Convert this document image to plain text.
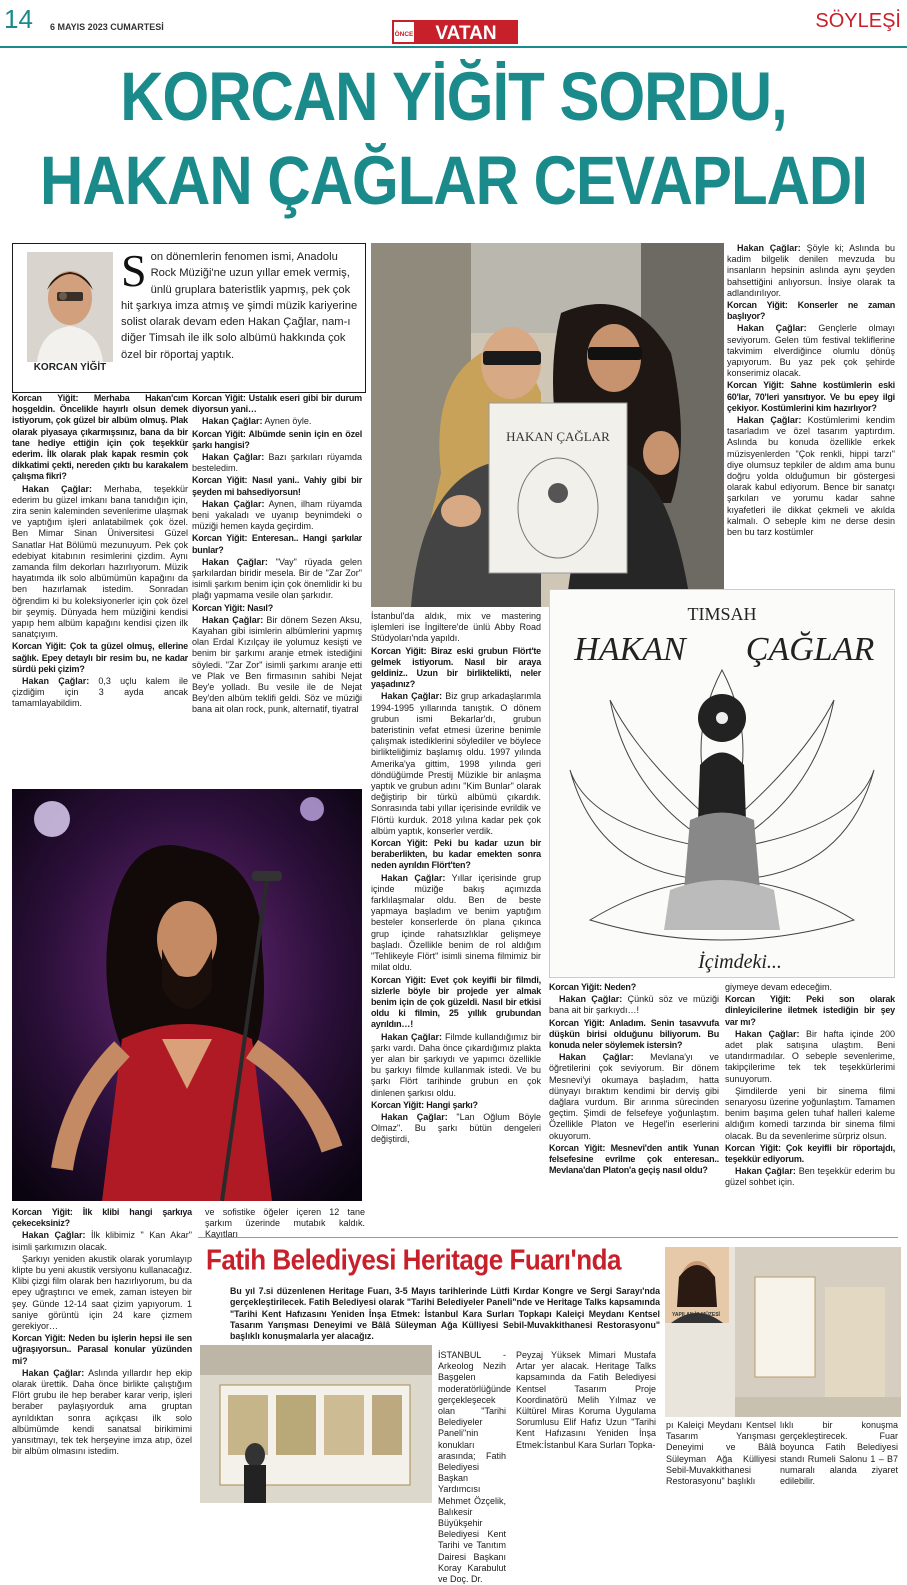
14 6 MAYIS 2023 CUMARTESİ
ÖNCE VATAN
SÖYLEŞİ
KORCAN YİĞİT SORDU,
HAKAN ÇAĞLAR CEVAPLADI
KORCAN YİĞİT
Son dönemlerin fenomen ismi, Anadolu Rock Müziği'ne uzun yıllar emek vermiş, ünlü gruplara bateristlik yapmış, pek çok hit şarkıya imza atmış ve şimdi müzik kariyerine solist olarak devam eden Hakan Çağlar, nam-ı diğer Timsah ile ilk solo albümü hakkında çok özel bir röportaj yaptık.
HAKAN ÇAĞLAR
TIMSAH
HAKAN ÇAĞLAR
İçimdeki...

Korcan Yiğit: Merhaba Hakan'cım hoşgeldin. Öncelikle hayırlı olsun demek istiyorum, çok güzel bir albüm olmuş. Plak olarak piyasaya çıkarmışsınız, bana da bir tane hediye ettiğin için çok teşekkür ederim. İlk olarak plak kapak resmin çok dikkatimi çekti, nereden çıktı bu karakalem çalışma fikri?

Hakan Çağlar: Merhaba, teşekkür ederim bu güzel imkanı bana tanıdığın için, zira senin kaleminden sevenlerime ulaşmak ve yaptığım işleri anlatabilmek çok özel. Ben Mimar Sinan Üniversitesi Güzel Sanatlar Hat Bölümü mezunuyum. Pek çok edebiyat kitabının resimlerini çizdim. Aynı zamanda film dekorları hazırlıyorum. Müzik hayatımda ilk solo albümümün kapağını da ben hazırlamak istedim. Sonradan öğrendim ki bu koleksiyonerler için çok özel bir şeymiş. Dünyada hem müziğini kendisi yapıp hem albüm kapağını kendisi çizen ilk sanatçıyım.

Korcan Yiğit: Çok ta güzel olmuş, ellerine sağlık. Epey detaylı bir resim bu, ne kadar sürdü peki çizim?

Hakan Çağlar: 0,3 uçlu kalem ile çizdiğim için 3 ayda ancak tamamlayabildim.

Korcan Yiğit: Ustalık eseri gibi bir durum diyorsun yani…

Hakan Çağlar: Aynen öyle.

Korcan Yiğit: Albümde senin için en özel şarkı hangisi?

Hakan Çağlar: Bazı şarkıları rüyamda besteledim.

Korcan Yiğit: Nasıl yani.. Vahiy gibi bir şeyden mi bahsediyorsun!

Hakan Çağlar: Aynen, ilham rüyamda beni yakaladı ve uyanıp beynimdeki o müziği hemen kayda geçirdim.

Korcan Yiğit: Enteresan.. Hangi şarkılar bunlar?

Hakan Çağlar: "Vay" rüyada gelen şarkılardan biridir mesela. Bir de "Zar Zor" isimli şarkım benim için çok önemlidir ki bu plağı yapmama vesile olan şarkıdır.

Korcan Yiğit: Nasıl?

Hakan Çağlar: Bir dönem Sezen Aksu, Kayahan gibi isimlerin albümlerini yapmış olan Erdal Kızılçay ile yolumuz kesişti ve benim bir şarkımı aranje etmek istediğini söyledi. "Zar Zor" isimli şarkımı aranje etti ve Plak ve Ben firmasının sahibi Nejat Bey'e yolladı. Bu vesile ile de Nejat Bey'den albüm teklifi geldi. Söz ve müziği bana ait olan rock, punk, alternatif, tiyatral

İstanbul'da aldık, mix ve mastering işlemleri ise İngiltere'de ünlü Abby Road Stüdyoları'nda yapıldı.

Korcan Yiğit: Biraz eski grubun Flört'te gelmek istiyorum. Nasıl bir araya geldiniz.. Uzun bir birliktelikti, neler yaşadınız?

Hakan Çağlar: Biz grup arkadaşlarımla 1994-1995 yıllarında tanıştık. O dönem grubun ismi Bekarlar'dı, grubun bateristinin vefat etmesi üzerine benimle çalışmak istediklerini söylediler ve böylece birlikteliğimiz başlamış oldu. 1997 yılında Amerika'ya gittim, 1998 yılında geri döndüğümde Prestij Müzikle bir anlaşma yaptık ve grubun adını "Kim Bunlar" olarak değiştirip bir türkü albümü çıkardık. Sonrasında tabi yıllar içerisinde evrildik ve Flörtü kurduk. 2018 yılına kadar pek çok albüm yaptık, konserler verdik.

Korcan Yiğit: Peki bu kadar uzun bir beraberlikten, bu kadar emekten sonra neden ayrıldın Flört'ten?

Hakan Çağlar: Yıllar içerisinde grup içinde müziğe bakış açımızda farklılaşmalar oldu. Ben de beste yapmaya başladım ve benim yaptığım besteler konserlerde ön plana çıkınca grup içinde rahatsızlıklar gelişmeye başladı. Özellikle benim de rol aldığım "Tehlikeyle Flört" isimli sinema filmimiz bir milat oldu.

Korcan Yiğit: Evet çok keyifli bir filmdi, sizlerle böyle bir projede yer almak benim için de çok güzeldi. Nasıl bir etkisi oldu ki filmin, 25 yıllık grubundan ayrıldın…!

Hakan Çağlar: Filmde kullandığımız bir şarkı vardı. Daha önce çıkardığımız plakta yer alan bir şarkıydı ve yapımcı özellikle bu şarkıyı filmde kullanmak istedi. Ve bu şarkı Flört tarihinde grubun en çok dinlenen şarkısı oldu.

Korcan Yiğit: Hangi şarkı?

Hakan Çağlar: "Lan Oğlum Böyle Olmaz". Bu şarkı bütün dengeleri değiştirdi,

Hakan Çağlar: Şöyle ki; Aslında bu kadim bilgelik denilen mevzuda bu insanların hepsinin aslında aynı şeyden bahsettiğini anlıyorsun. İnsiye olarak ta adlandırılıyor.

Korcan Yiğit: Konserler ne zaman başlıyor?

Hakan Çağlar: Gençlerle olmayı seviyorum. Gelen tüm festival tekliflerine takvimim elverdiğince olumlu dönüş yapıyorum. Bu yaz pek çok şehirde konserimiz olacak.

Korcan Yiğit: Sahne kostümlerin eski 60'lar, 70'leri yansıtıyor. Ve bu epey ilgi çekiyor. Kostümlerini kim hazırlıyor?

Hakan Çağlar: Kostümlerimi kendim tasarladım ve özel tasarım yaptırdım. Aslında bu konuda özellikle erkek müzisyenlerden "Çok renkli, hippi tarzı" diye olumsuz tepkiler de aldım ama bunu doğru yolda olduğumun bir göstergesi olarak kabul ediyorum. Bence bir sanatçı şarkıları ve yorumu kadar sahne kıyafetleri ile dikkat çekmeli ve akılda kalmalı. O sebeple kim ne derse desin ben bu tarz kostümler

Korcan Yiğit: Neden?

Hakan Çağlar: Çünkü söz ve müziği bana ait bir şarkıydı…!

Korcan Yiğit: Anladım. Senin tasavvufa düşkün birisi olduğunu biliyorum. Bu konuda neler söylemek istersin?

Hakan Çağlar: Mevlana'yı ve öğretilerini çok seviyorum. Bir dönem Mesnevi'yi okumaya başladım, hatta dünyayı bıraktım kendimi bir derviş gibi dağlara vurdum. Bir arınma sürecinden geçtim. Şimdi de felsefeye yoğunlaştım. Özellikle Platon ve Hegel'in eserlerini okuyorum.

Korcan Yiğit: Mesnevi'den antik Yunan felsefesine evrilme çok enteresan.. Mevlana'dan Platon'a geçiş nasıl oldu?

giymeye devam edeceğim.

Korcan Yiğit: Peki son olarak dinleyicilerine iletmek istediğin bir şey var mı?

Hakan Çağlar: Bir hafta içinde 200 adet plak satışına ulaştım. Beni utandırmadılar. O sebeple sevenlerime, takipçilerime tek tek teşekkürlerimi sunuyorum.

Şimdilerde yeni bir sinema filmi senaryosu üzerine yoğunlaştım. Tamamen benim başıma gelen tuhaf halleri kaleme aldığım komedi tarzında bir sinema filmi olacak. Bu da sevenlerime sürpriz olsun.

Korcan Yiğit: Çok keyifli bir röportajdı, teşekkür ediyorum.

Hakan Çağlar: Ben teşekkür ederim bu güzel sohbet için.

Korcan Yiğit: İlk klibi hangi şarkıya çekeceksiniz?

Hakan Çağlar: İlk klibimiz " Kan Akar" isimli şarkımızın olacak.

Şarkıyı yeniden akustik olarak yorumlayıp klipte bu yeni akustik versiyonu kullanacağız. Klibi çizgi film olarak ben hazırlıyorum, bu da epey uğraştırıcı ve emek, zaman isteyen bir şey. Günde 12-14 saat çizim yapıyorum. 1 saniye görüntü için 24 kare çizmem gerekiyor…

Korcan Yiğit: Neden bu işlerin hepsi ile sen uğraşıyorsun.. Parasal konular yüzünden mi?

Hakan Çağlar: Aslında yıllardır hep ekip olarak ürettik. Daha önce birlikte çalıştığım Flört grubu ile hep beraber karar verip, işleri beraber paylaşıyorduk ama gruptan ayrıldıktan sonra açıkçası ilk solo albümümde kendi sanatsal birikimimi yansıtmayı, tek tek herşeyine imza atıp, özel bir albüm olmasını istedim.

ve sofistike öğeler içeren 12 tane şarkım üzerinde mutabık kaldık. Kayıtları

Fatih Belediyesi Heritage Fuarı'nda
Bu yıl 7.si düzenlenen Heritage Fuarı, 3-5 Mayıs tarihlerinde Lütfi Kırdar Kongre ve Sergi Sarayı'nda gerçekleştirilecek. Fatih Belediyesi olarak "Tarihi Belediyeler Paneli"nde ve Heritage Talks kapsamında "Tarihi Kent Hafızasını Yeniden İnşa Etmek: İstanbul Kara Surları Topkapı Kaleiçi Meydanı Kentsel Tasarım Yarışması Deneyimi ve Bâlâ Süleyman Ağa Külliyesi Sebil-Muvakkithanesi Restorasyonu" başlıklı konuşmalarla yer alacağız.
YAPILAN İŞ MÜZESİ
İSTANBUL - Arkeolog Nezih Başgelen moderatörlüğünde gerçekleşecek olan "Tarihi Belediyeler Paneli"nin konukları arasında; Fatih Belediyesi Başkan Yardımcısı Mehmet Özçelik, Balıkesir Büyükşehir Belediyesi Kent Tarihi ve Tanıtım Dairesi Başkanı Koray Karabulut ve Doç. Dr.
Peyzaj Yüksek Mimari Mustafa Artar yer alacak. Heritage Talks kapsamında da Fatih Belediyesi Kentsel Tasarım Proje Koordinatörü Melih Yılmaz ve Kültürel Miras Koruma Uygulama Sorumlusu Elif Hafız Uzun "Tarihi Kent Hafızasını Yeniden İnşa Etmek:İstanbul Kara Surları Topka-
pı Kaleiçi Meydanı Kentsel Tasarım Yarışması Deneyimi ve Bâlâ Süleyman Ağa Külliyesi Sebil-Muvakkithanesi Restorasyonu" başlıklı
lıklı bir konuşma gerçekleştirecek. Fuar boyunca Fatih Belediyesi standı Rumeli Salonu 1 – B7 numaralı alanda ziyaret edilebilir.
